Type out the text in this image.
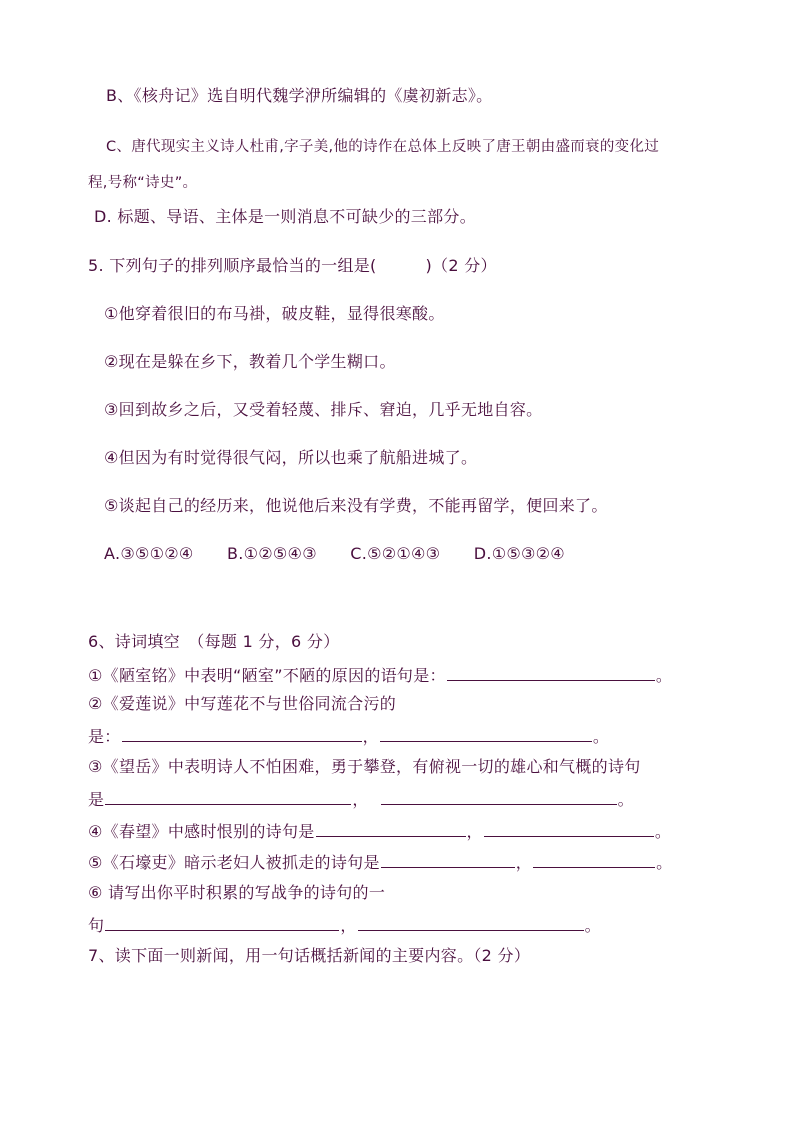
B、《核舟记》选自明代魏学洢所编辑的《虞初新志》。
C、唐代现实主义诗人杜甫,字子美,他的诗作在总体上反映了唐王朝由盛而衰的变化过
程,号称“诗史”。
D. 标题、导语、主体是一则消息不可缺少的三部分。
5. 下列句子的排列顺序最恰当的一组是(　　　)（2 分）
①他穿着很旧的布马褂，破皮鞋，显得很寒酸。
②现在是躲在乡下，教着几个学生糊口。
③回到故乡之后，又受着轻蔑、排斥、窘迫，几乎无地自容。
④但因为有时觉得很气闷，所以也乘了航船进城了。
⑤谈起自己的经历来，他说他后来没有学费，不能再留学，便回来了。
A.③⑤①②④ B.①②⑤④③ C.⑤②①④③ D.①⑤③②④
6、诗词填空　（每题 1 分，6 分）
①《陋室铭》中表明“陋室”不陋的原因的语句是：	。
②《爱莲说》中写莲花不与世俗同流合污的
是：	，	。
③《望岳》中表明诗人不怕困难，勇于攀登，有俯视一切的雄心和气概的诗句
是	，	。
④《春望》中感时恨别的诗句是	，	。
⑤《石壕吏》暗示老妇人被抓走的诗句是	，	。
⑥ 请写出你平时积累的写战争的诗句的一
句	，	。
7、读下面一则新闻，用一句话概括新闻的主要内容。（2 分）
